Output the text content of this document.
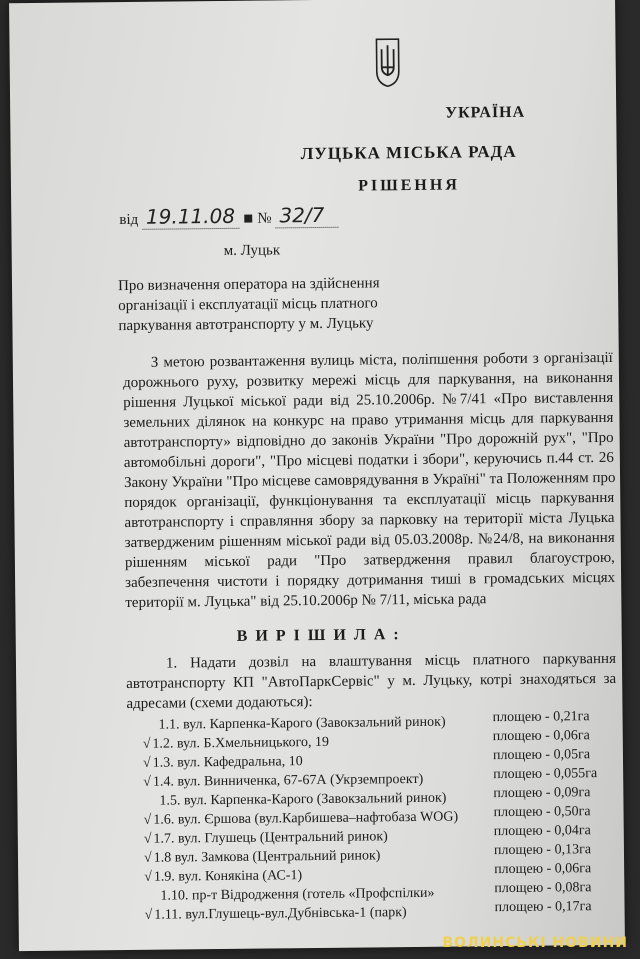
УКРАЇНА
ЛУЦЬКА МІСЬКА РАДА
РІШЕННЯ
від 19.11.08 ▪ № 32/7
м. Луцьк
Про визначення оператора на здійснення
організації і експлуатації місць платного
паркування автотранспорту у м. Луцьку
З метою розвантаження вулиць міста, поліпшення роботи з організації
дорожнього руху, розвитку мережі місць для паркування, на виконання
рішення Луцької міської ради від 25.10.2006р. №7/41 «Про виставлення
земельних ділянок на конкурс на право утримання місць для паркування
автотранспорту» відповідно до законів України "Про дорожній рух", "Про
автомобільні дороги", "Про місцеві податки і збори", керуючись п.44 ст. 26
Закону України "Про місцеве самоврядування в Україні" та Положенням про
порядок організації, функціонування та експлуатації місць паркування
автотранспорту і справляння збору за парковку на території міста Луцька
затвердженим рішенням міської ради від 05.03.2008р. №24/8, на виконання
рішенням міської ради "Про затвердження правил благоустрою,
забезпечення чистоти і порядку дотримання тиші в громадських місцях
території м. Луцька" від 25.10.2006р № 7/11, міська рада
В И Р І Ш И Л А :
1. Надати дозвіл на влаштування місць платного паркування
автотранспорту КП "АвтоПаркСервіс" у м. Луцьку, котрі знаходяться за
адресами (схеми додаються):
1.1. вул. Карпенка-Карого (Завокзальний ринок)	площею - 0,21га
√ 1.2. вул. Б.Хмельницького, 19	площею - 0,06га
√ 1.3. вул. Кафедральна, 10	площею - 0,05га
√ 1.4. вул. Винниченка, 67-67А (Укрземпроект)	площею - 0,055га
1.5. вул. Карпенка-Карого (Завокзальний ринок)	площею - 0,09га
√ 1.6. вул. Єршова (вул.Карбишева–нафтобаза WOG)	площею - 0,50га
√ 1.7. вул. Глушець (Центральний ринок)	площею - 0,04га
√ 1.8 вул. Замкова (Центральний ринок)	площею - 0,13га
√ 1.9. вул. Конякіна (АС-1)	площею - 0,06га
1.10. пр-т Відродження (готель «Профспілки»	площею - 0,08га
√ 1.11. вул.Глушець-вул.Дубнівська-1 (парк)	площею - 0,17га
ВОЛИНСЬКІ НОВИНИ
